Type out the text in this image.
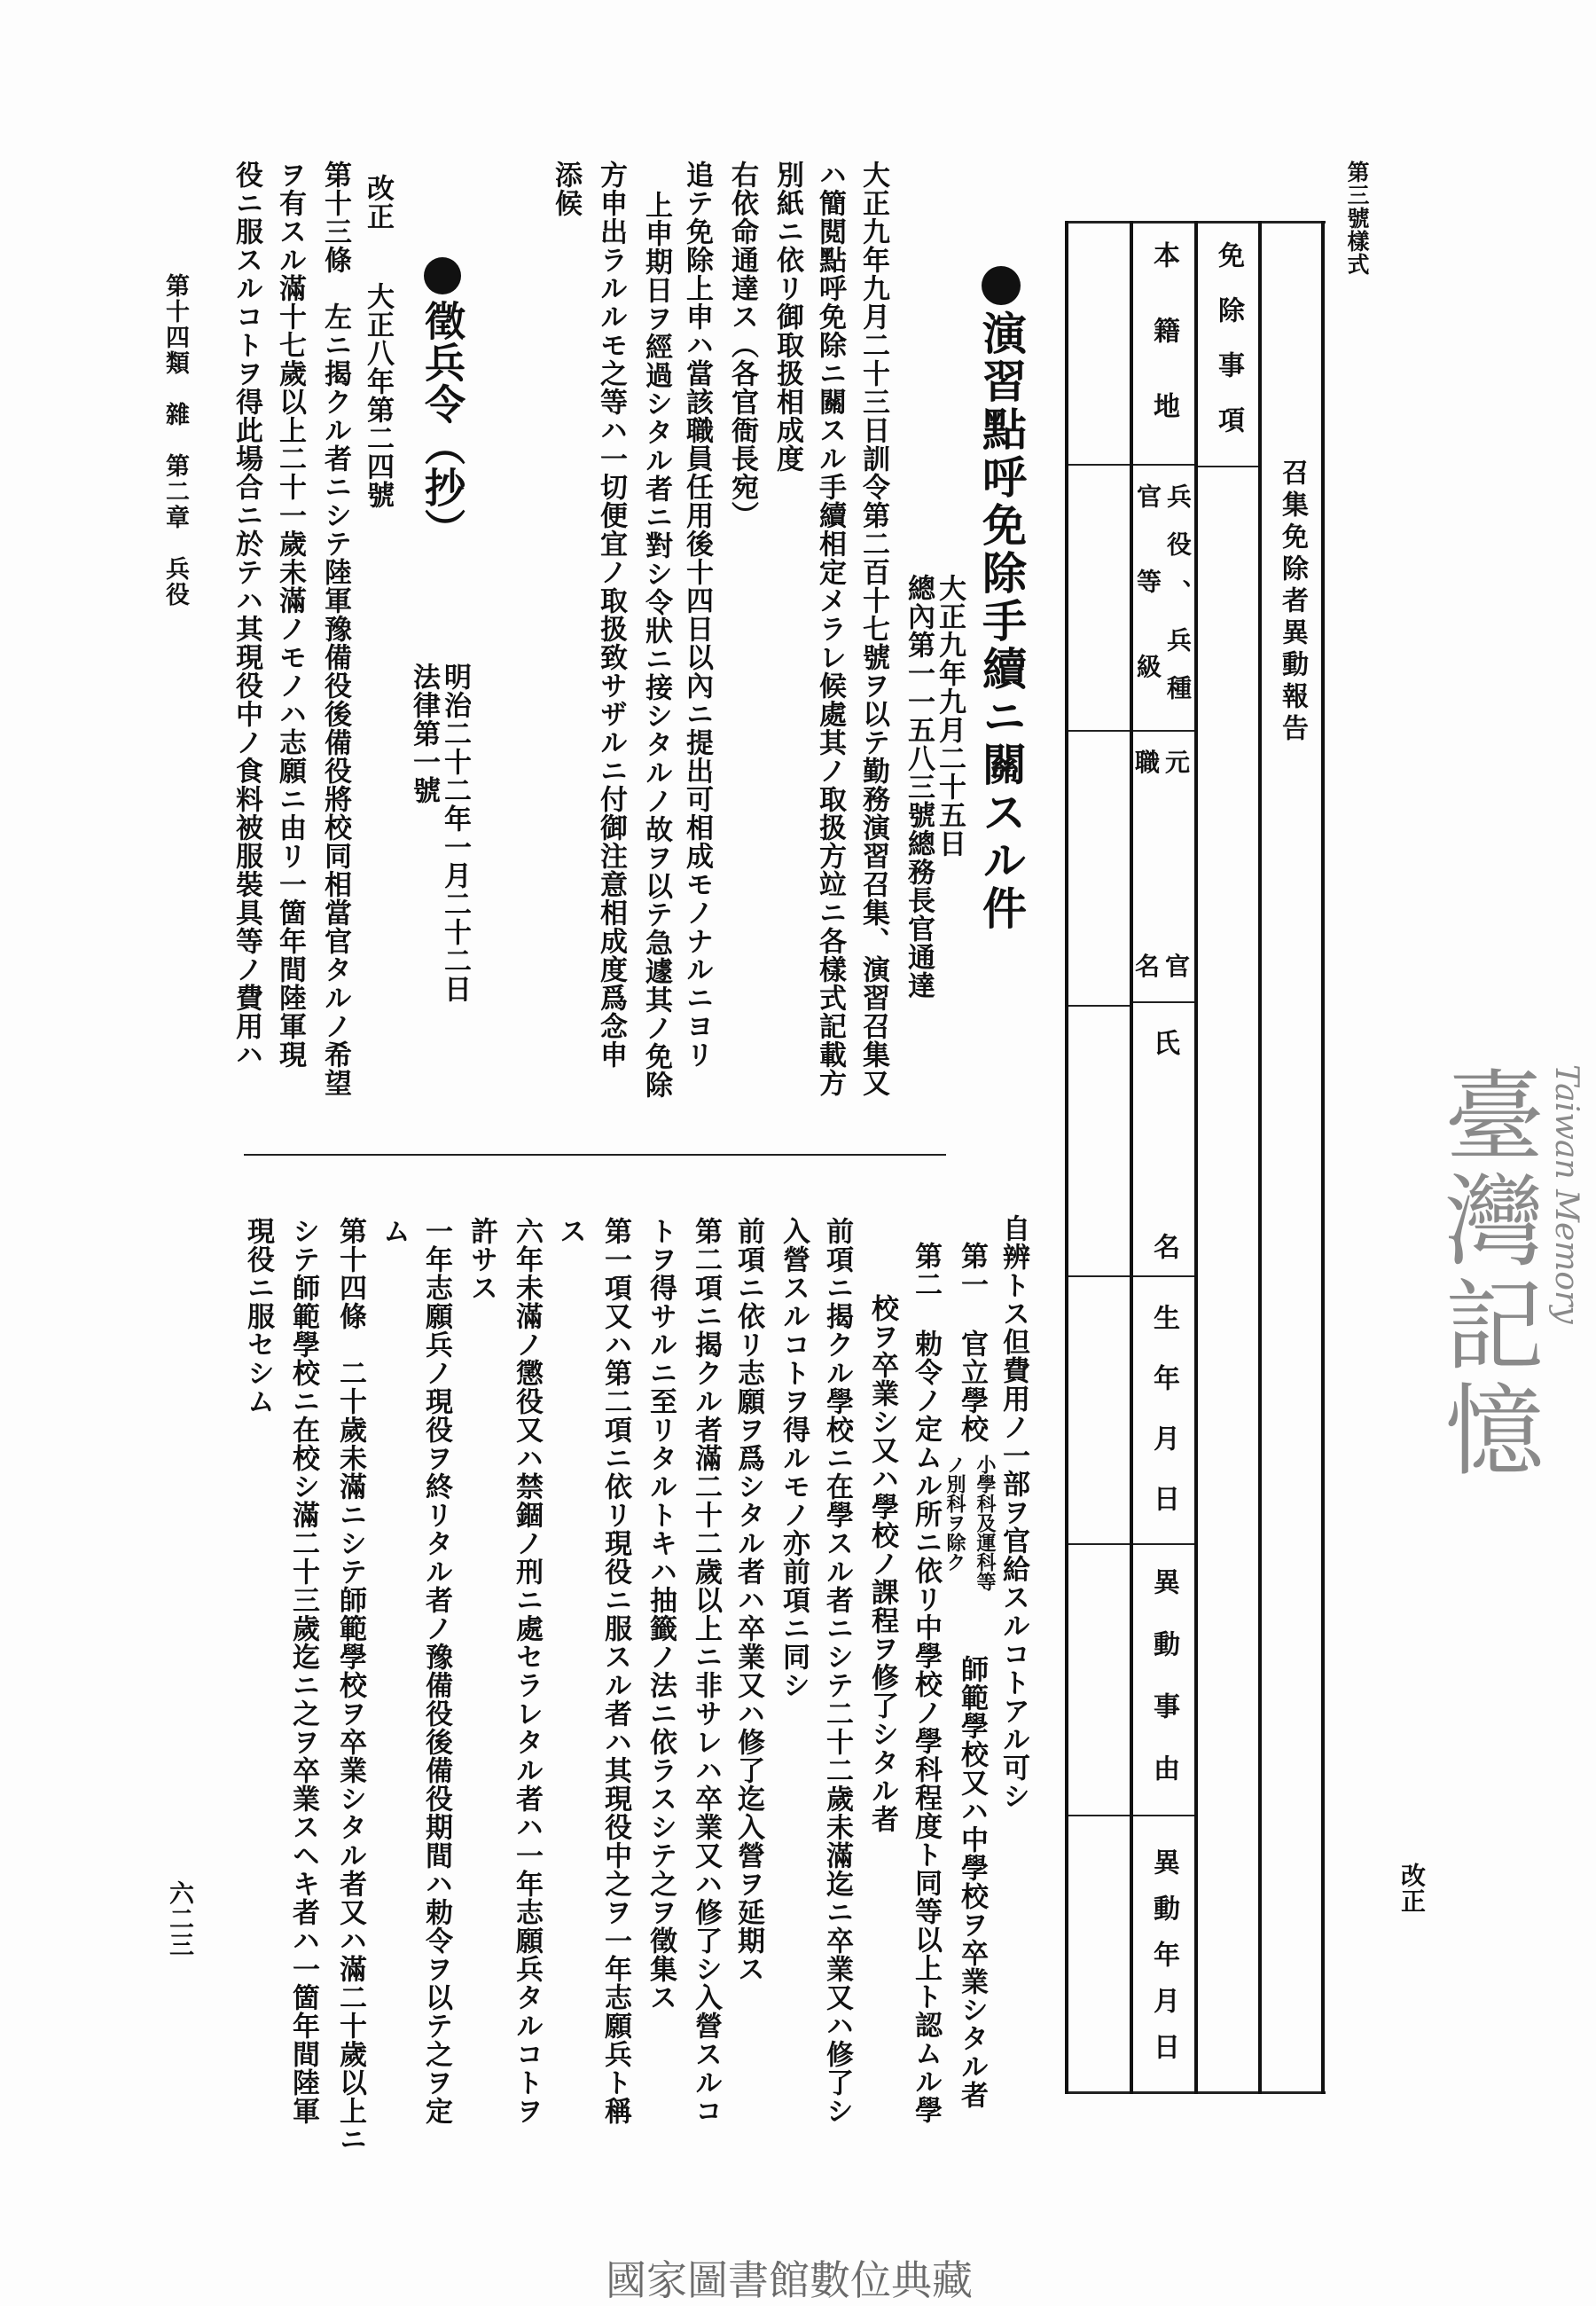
第十四類　雜　第二章　兵役
第三號樣式
六二三	改正
召集免除者異動報告
免除事項
本籍地
兵役、兵種
官等級
元職
官名
氏
名
生年月日
異動事由
異動年月日
演習點呼免除手續ニ關スル件
大正九年九月二十五日
總內第一一五八三號總務長官通達
大正九年九月二十三日訓令第二百十七號ヲ以テ勤務演習召集、演習召集又
ハ簡閲點呼免除ニ關スル手續相定メラレ候處其ノ取扱方竝ニ各樣式記載方
別紙ニ依リ御取扱相成度
右依命通達ス（各官衙長宛）
追テ免除上申ハ當該職員任用後十四日以內ニ提出可相成モノナルニヨリ
上申期日ヲ經過シタル者ニ對シ令狀ニ接シタルノ故ヲ以テ急遽其ノ免除
方申出ラルルモ之等ハ一切便宜ノ取扱致サザルニ付御注意相成度爲念申
添候
徵兵令（抄）
明治二十二年一月二十二日
法律第一號
改正
大正八年第二四號
第十三條　左ニ揭クル者ニシテ陸軍豫備役後備役將校同相當官タルノ希望
ヲ有スル滿十七歲以上二十一歲未滿ノモノハ志願ニ由リ一箇年間陸軍現
役ニ服スルコトヲ得此場合ニ於テハ其現役中ノ食料被服裝具等ノ費用ハ
自辨トス但費用ノ一部ヲ官給スルコトアル可シ
第一
官立學校
小學科及運科等
ノ別科ヲ除ク
師範學校又ハ中學校ヲ卒業シタル者
第二
勅令ノ定ムル所ニ依リ中學校ノ學科程度ト同等以上ト認ムル學
校ヲ卒業シ又ハ學校ノ課程ヲ修了シタル者
前項ニ揭クル學校ニ在學スル者ニシテ二十二歲未滿迄ニ卒業又ハ修了シ
入營スルコトヲ得ルモノ亦前項ニ同シ
前項ニ依リ志願ヲ爲シタル者ハ卒業又ハ修了迄入營ヲ延期ス
第二項ニ揭クル者滿二十二歲以上ニ非サレハ卒業又ハ修了シ入營スルコ
トヲ得サルニ至リタルトキハ抽籤ノ法ニ依ラスシテ之ヲ徵集ス
第一項又ハ第二項ニ依リ現役ニ服スル者ハ其現役中之ヲ一年志願兵ト稱
ス
六年未滿ノ懲役又ハ禁錮ノ刑ニ處セラレタル者ハ一年志願兵タルコトヲ
許サス
一年志願兵ノ現役ヲ終リタル者ノ豫備役後備役期間ハ勅令ヲ以テ之ヲ定
ム
第十四條　二十歲未滿ニシテ師範學校ヲ卒業シタル者又ハ滿二十歲以上ニ
シテ師範學校ニ在校シ滿二十三歲迄ニ之ヲ卒業スヘキ者ハ一箇年間陸軍
現役ニ服セシム	臺灣記憶 Taiwan Memory
國家圖書館數位典藏
